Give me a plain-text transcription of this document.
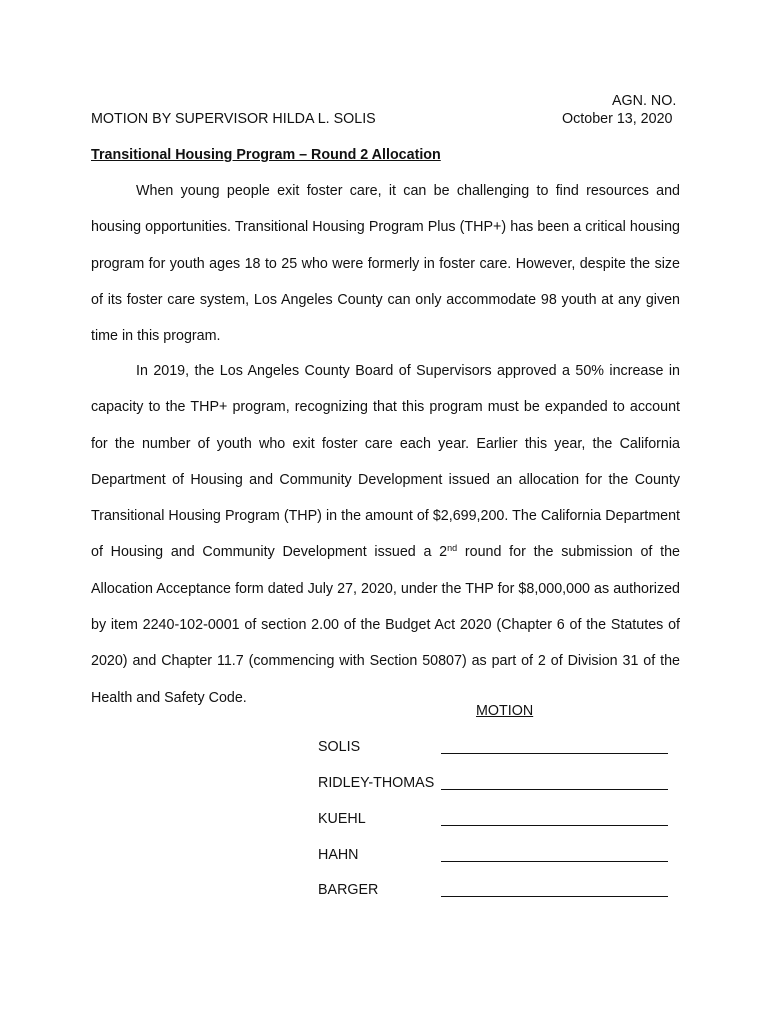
AGN. NO.
MOTION BY SUPERVISOR HILDA L. SOLIS	October 13, 2020
Transitional Housing Program – Round 2 Allocation
When young people exit foster care, it can be challenging to find resources and housing opportunities. Transitional Housing Program Plus (THP+) has been a critical housing program for youth ages 18 to 25 who were formerly in foster care. However, despite the size of its foster care system, Los Angeles County can only accommodate 98 youth at any given time in this program.
In 2019, the Los Angeles County Board of Supervisors approved a 50% increase in capacity to the THP+ program, recognizing that this program must be expanded to account for the number of youth who exit foster care each year. Earlier this year, the California Department of Housing and Community Development issued an allocation for the County Transitional Housing Program (THP) in the amount of $2,699,200. The California Department of Housing and Community Development issued a 2nd round for the submission of the Allocation Acceptance form dated July 27, 2020, under the THP for $8,000,000 as authorized by item 2240-102-0001 of section 2.00 of the Budget Act 2020 (Chapter 6 of the Statutes of 2020) and Chapter 11.7 (commencing with Section 50807) as part of 2 of Division 31 of the Health and Safety Code.
MOTION
SOLIS
RIDLEY-THOMAS
KUEHL
HAHN
BARGER
